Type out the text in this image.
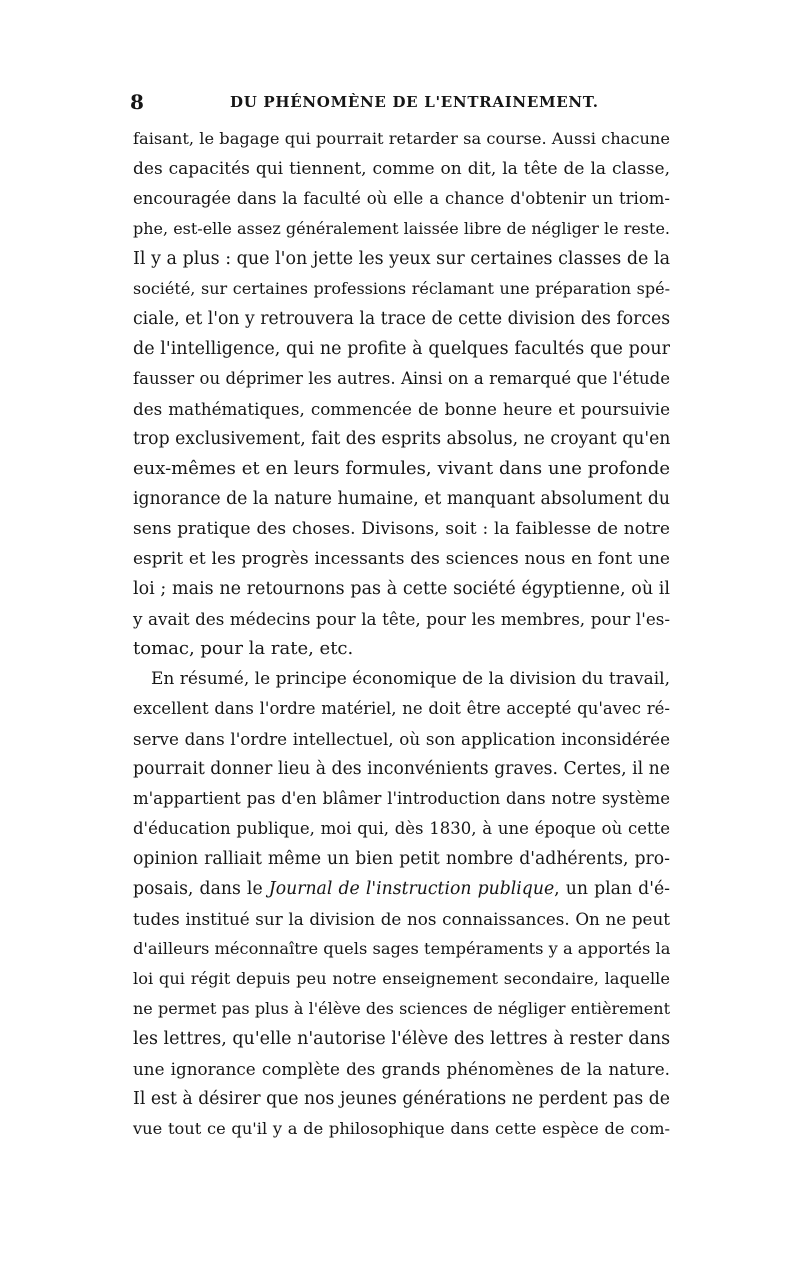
8	DU PHÉNOMÈNE DE L'ENTRAINEMENT.
faisant, le bagage qui pourrait retarder sa course. Aussi chacune
des capacités qui tiennent, comme on dit, la tête de la classe,
encouragée dans la faculté où elle a chance d'obtenir un triom-
phe, est-elle assez généralement laissée libre de négliger le reste.
Il y a plus : que l'on jette les yeux sur certaines classes de la
société, sur certaines professions réclamant une préparation spé-
ciale, et l'on y retrouvera la trace de cette division des forces
de l'intelligence, qui ne profite à quelques facultés que pour
fausser ou déprimer les autres. Ainsi on a remarqué que l'étude
des mathématiques, commencée de bonne heure et poursuivie
trop exclusivement, fait des esprits absolus, ne croyant qu'en
eux-mêmes et en leurs formules, vivant dans une profonde
ignorance de la nature humaine, et manquant absolument du
sens pratique des choses. Divisons, soit : la faiblesse de notre
esprit et les progrès incessants des sciences nous en font une
loi ; mais ne retournons pas à cette société égyptienne, où il
y avait des médecins pour la tête, pour les membres, pour l'es-
tomac, pour la rate, etc.
En résumé, le principe économique de la division du travail,
excellent dans l'ordre matériel, ne doit être accepté qu'avec ré-
serve dans l'ordre intellectuel, où son application inconsidérée
pourrait donner lieu à des inconvénients graves. Certes, il ne
m'appartient pas d'en blâmer l'introduction dans notre système
d'éducation publique, moi qui, dès 1830, à une époque où cette
opinion ralliait même un bien petit nombre d'adhérents, pro-
posais, dans le Journal de l'instruction publique, un plan d'é-
tudes institué sur la division de nos connaissances. On ne peut
d'ailleurs méconnaître quels sages tempéraments y a apportés la
loi qui régit depuis peu notre enseignement secondaire, laquelle
ne permet pas plus à l'élève des sciences de négliger entièrement
les lettres, qu'elle n'autorise l'élève des lettres à rester dans
une ignorance complète des grands phénomènes de la nature.
Il est à désirer que nos jeunes générations ne perdent pas de
vue tout ce qu'il y a de philosophique dans cette espèce de com-
